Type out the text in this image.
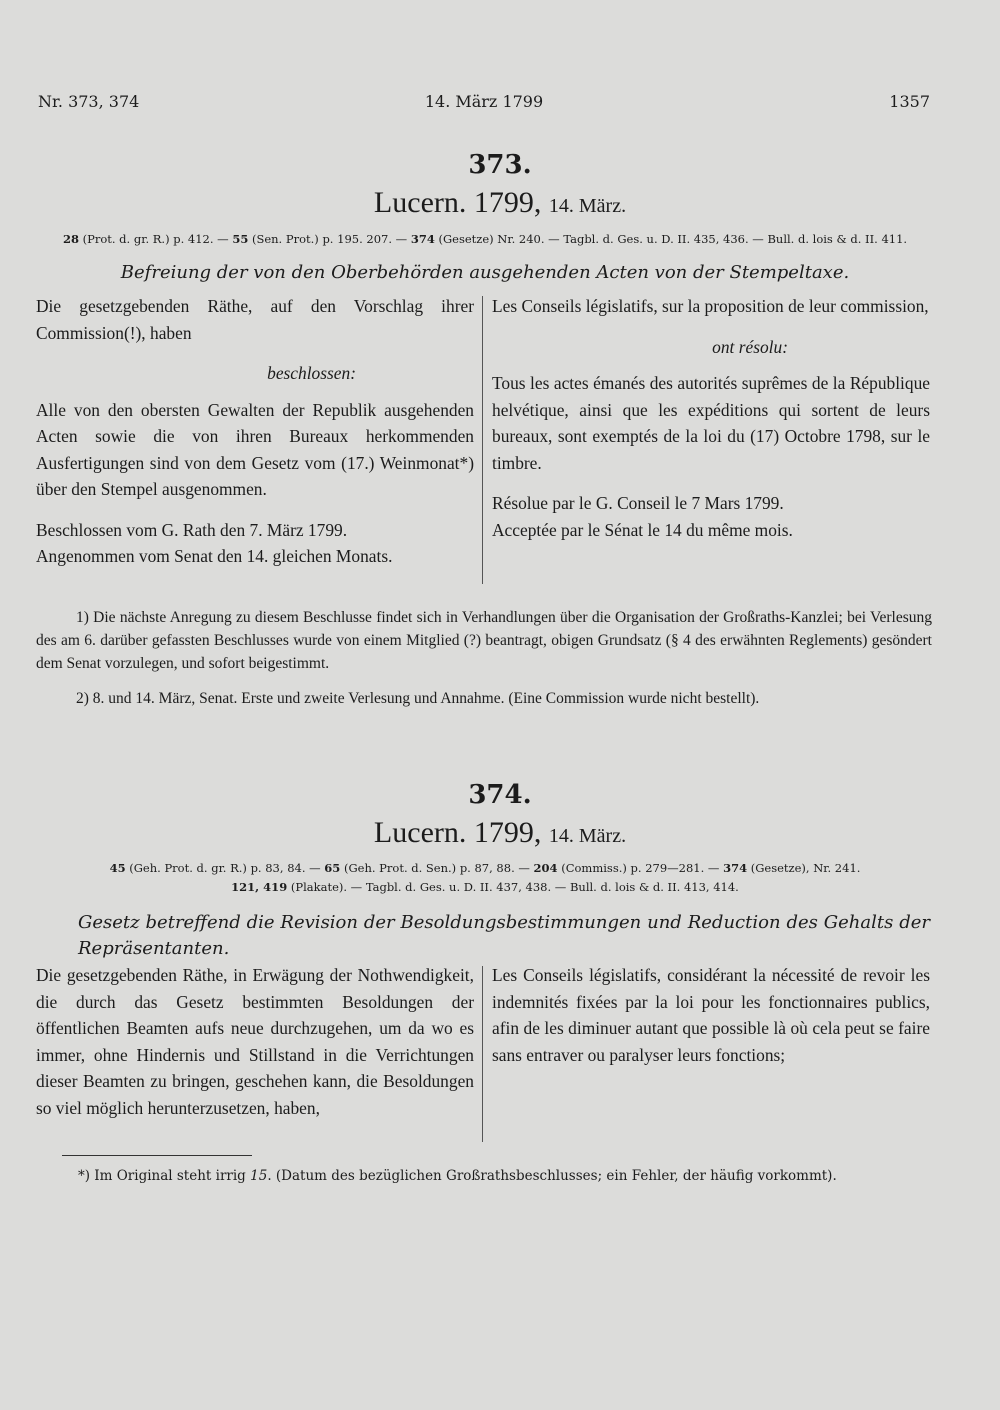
Nr. 373, 374	14. März 1799	1357
373.
Lucern. 1799, 14. März.
28 (Prot. d. gr. R.) p. 412. — 55 (Sen. Prot.) p. 195. 207. — 374 (Gesetze) Nr. 240. — Tagbl. d. Ges. u. D. II. 435, 436. — Bull. d. lois & d. II. 411.
Befreiung der von den Oberbehörden ausgehenden Acten von der Stempeltaxe.

Die gesetzgebenden Räthe, auf den Vorschlag ihrer Commission(!), haben

beschlossen:

Alle von den obersten Gewalten der Republik ausgehenden Acten sowie die von ihren Bureaux herkommenden Ausfertigungen sind von dem Gesetz vom (17.) Weinmonat*) über den Stempel ausgenommen.

Beschlossen vom G. Rath den 7. März 1799.

Angenommen vom Senat den 14. gleichen Monats.

Les Conseils législatifs, sur la proposition de leur commission,

ont résolu:

Tous les actes émanés des autorités suprêmes de la République helvétique, ainsi que les expéditions qui sortent de leurs bureaux, sont exemptés de la loi du (17) Octobre 1798, sur le timbre.

Résolue par le G. Conseil le 7 Mars 1799.

Acceptée par le Sénat le 14 du même mois.

1) Die nächste Anregung zu diesem Beschlusse findet sich in Verhandlungen über die Organisation der Großraths-Kanzlei; bei Verlesung des am 6. darüber gefassten Beschlusses wurde von einem Mitglied (?) beantragt, obigen Grundsatz (§ 4 des erwähnten Reglements) gesöndert dem Senat vorzulegen, und sofort beigestimmt.

2) 8. und 14. März, Senat. Erste und zweite Verlesung und Annahme. (Eine Commission wurde nicht bestellt).

374.
Lucern. 1799, 14. März.
45 (Geh. Prot. d. gr. R.) p. 83, 84. — 65 (Geh. Prot. d. Sen.) p. 87, 88. — 204 (Commiss.) p. 279—281. — 374 (Gesetze), Nr. 241.
121, 419 (Plakate). — Tagbl. d. Ges. u. D. II. 437, 438. — Bull. d. lois & d. II. 413, 414.
Gesetz betreffend die Revision der Besoldungsbestimmungen und Reduction des Gehalts der Repräsentanten.

Die gesetzgebenden Räthe, in Erwägung der Nothwendigkeit, die durch das Gesetz bestimmten Besoldungen der öffentlichen Beamten aufs neue durchzugehen, um da wo es immer, ohne Hindernis und Stillstand in die Verrichtungen dieser Beamten zu bringen, geschehen kann, die Besoldungen so viel möglich herunterzusetzen, haben,

Les Conseils législatifs, considérant la nécessité de revoir les indemnités fixées par la loi pour les fonctionnaires publics, afin de les diminuer autant que possible là où cela peut se faire sans entraver ou paralyser leurs fonctions;

*) Im Original steht irrig 15. (Datum des bezüglichen Großrathsbeschlusses; ein Fehler, der häufig vorkommt).
